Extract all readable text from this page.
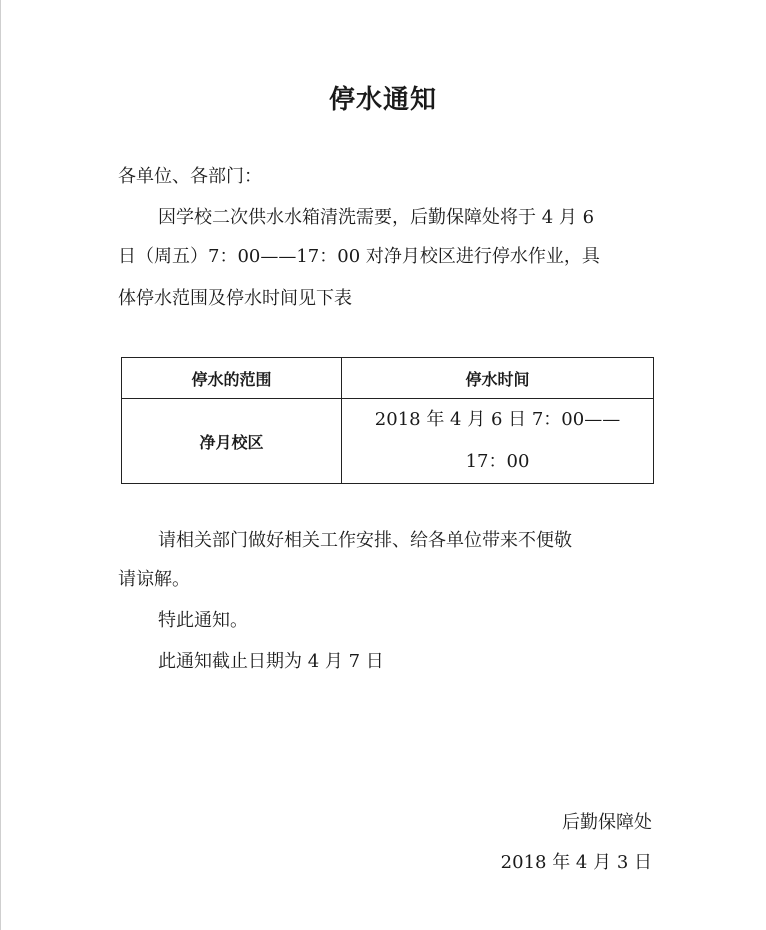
停水通知
各单位、各部门：
因学校二次供水水箱清洗需要，后勤保障处将于 4 月 6
日（周五）7：00——17：00 对净月校区进行停水作业，具
体停水范围及停水时间见下表
停水的范围	停水时间
净月校区	2018 年 4 月 6 日 7：00——
17：00
请相关部门做好相关工作安排、给各单位带来不便敬
请谅解。
特此通知。
此通知截止日期为 4 月 7 日
后勤保障处
2018 年 4 月 3 日
